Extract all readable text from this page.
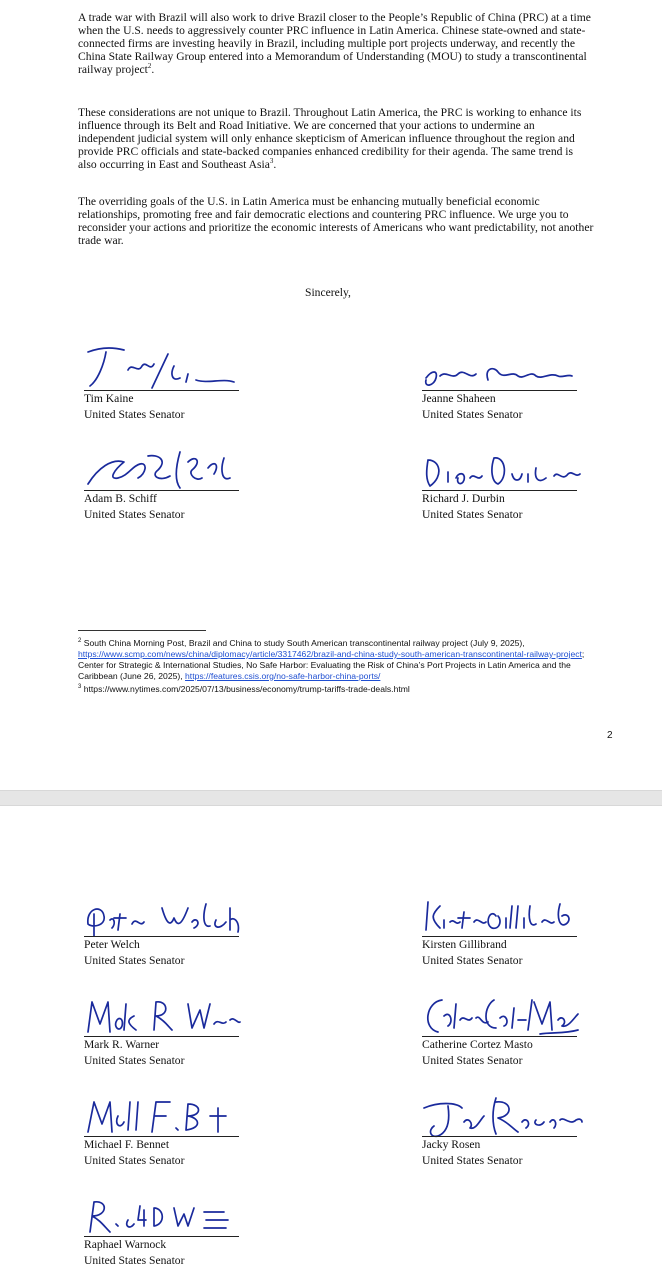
A trade war with Brazil will also work to drive Brazil closer to the People’s Republic of China (PRC) at a time when the U.S. needs to aggressively counter PRC influence in Latin America. Chinese state-owned and state-connected firms are investing heavily in Brazil, including multiple port projects underway, and recently the China State Railway Group entered into a Memorandum of Understanding (MOU) to study a transcontinental railway project$^2$.

These considerations are not unique to Brazil. Throughout Latin America, the PRC is working to enhance its influence through its Belt and Road Initiative. We are concerned that your actions to undermine an independent judicial system will only enhance skepticism of American influence throughout the region and provide PRC officials and state-backed companies enhanced credibility for their agenda. The same trend is also occurring in East and Southeast Asia$^3$.

The overriding goals of the U.S. in Latin America must be enhancing mutually beneficial economic relationships, promoting free and fair democratic elections and countering PRC influence. We urge you to reconsider your actions and prioritize the economic interests of Americans who want predictability, not another trade war.

Sincerely,
Tim Kaine
United States Senator
Jeanne Shaheen
United States Senator
Adam B. Schiff
United States Senator
Richard J. Durbin
United States Senator

$^2$ South China Morning Post, Brazil and China to study South American transcontinental railway project (July 9, 2025), https://www.scmp.com/news/china/diplomacy/article/3317462/brazil-and-china-study-south-american-transcontinental-railway-project; Center for Strategic & International Studies, No Safe Harbor: Evaluating the Risk of China’s Port Projects in Latin America and the Caribbean (June 26, 2025), https://features.csis.org/no-safe-harbor-china-ports/

$^3$ https://www.nytimes.com/2025/07/13/business/economy/trump-tariffs-trade-deals.html

2
Peter Welch
United States Senator
Kirsten Gillibrand
United States Senator
Mark R. Warner
United States Senator
Catherine Cortez Masto
United States Senator
Michael F. Bennet
United States Senator
Jacky Rosen
United States Senator
Raphael Warnock
United States Senator
